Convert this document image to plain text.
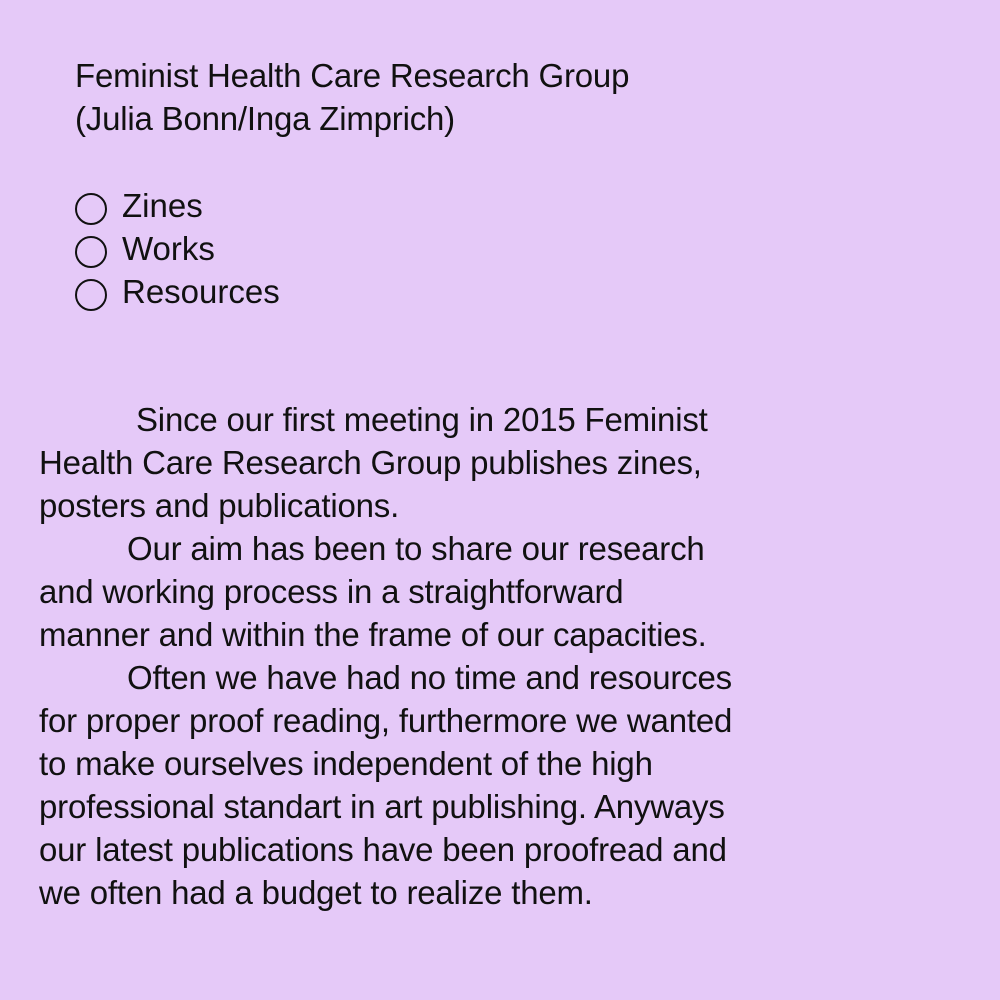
Feminist Health Care Research Group
(Julia Bonn/Inga Zimprich)
Zines
Works
Resources

Since our first meeting in 2015 Feminist Health Care Research Group publishes zines, posters and publications.

Our aim has been to share our research and working process in a straightforward manner and within the frame of our capacities.

Often we have had no time and resources for proper proof reading, furthermore we wanted to make ourselves independent of the high professional standart in art publishing. Anyways our latest publications have been proofread and we often had a budget to realize them.
